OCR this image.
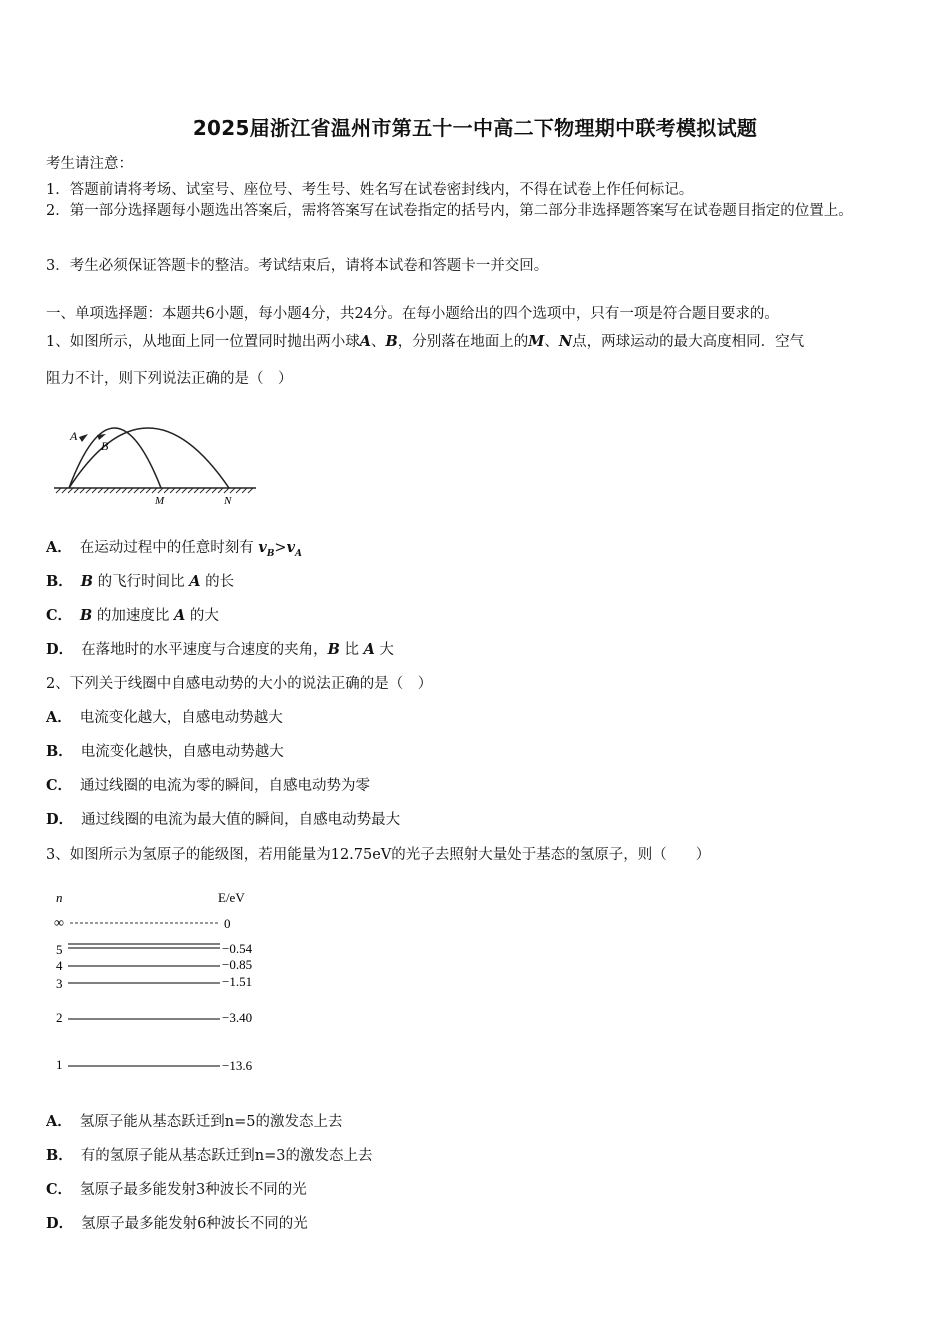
2025届浙江省温州市第五十一中高二下物理期中联考模拟试题
考生请注意：
1．答题前请将考场、试室号、座位号、考生号、姓名写在试卷密封线内，不得在试卷上作任何标记。
2．第一部分选择题每小题选出答案后，需将答案写在试卷指定的括号内，第二部分非选择题答案写在试卷题目指定的位置上。
3．考生必须保证答题卡的整洁。考试结束后，请将本试卷和答题卡一并交回。
一、单项选择题：本题共6小题，每小题4分，共24分。在每小题给出的四个选项中，只有一项是符合题目要求的。
1、如图所示，从地面上同一位置同时抛出两小球A、B，分别落在地面上的M、N点，两球运动的最大高度相同．空气
阻力不计，则下列说法正确的是（　）
A
B
M	N
A． 在运动过程中的任意时刻有 $v_B>v_A$
B． B 的飞行时间比 A 的长
C． B 的加速度比 A 的大
D． 在落地时的水平速度与合速度的夹角，B 比 A 大
2、下列关于线圈中自感电动势的大小的说法正确的是（　）
A． 电流变化越大，自感电动势越大
B． 电流变化越快，自感电动势越大
C． 通过线圈的电流为零的瞬间，自感电动势为零
D． 通过线圈的电流为最大值的瞬间，自感电动势最大
3、如图所示为氢原子的能级图，若用能量为12.75eV的光子去照射大量处于基态的氢原子，则（　　）
n	E/eV
∞	0
5	−0.54
4	−0.85
3	−1.51
2	−3.40
1	−13.6
A． 氢原子能从基态跃迁到n=5的激发态上去
B． 有的氢原子能从基态跃迁到n=3的激发态上去
C． 氢原子最多能发射3种波长不同的光
D． 氢原子最多能发射6种波长不同的光
